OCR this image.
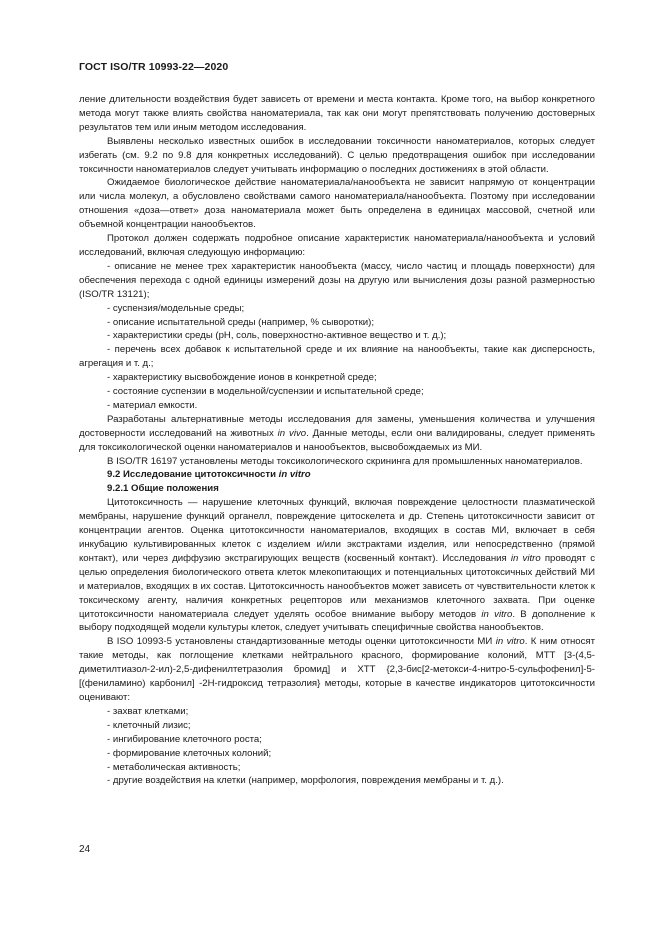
ГОСТ ISO/TR 10993-22—2020

ление длительности воздействия будет зависеть от времени и места контакта. Кроме того, на выбор конкретного метода могут также влиять свойства наноматериала, так как они могут препятствовать получению достоверных результатов тем или иным методом исследования.

Выявлены несколько известных ошибок в исследовании токсичности наноматериалов, которых следует избегать (см. 9.2 по 9.8 для конкретных исследований). С целью предотвращения ошибок при исследовании токсичности наноматериалов следует учитывать информацию о последних достижениях в этой области.

Ожидаемое биологическое действие наноматериала/нанообъекта не зависит напрямую от концентрации или числа молекул, а обусловлено свойствами самого наноматериала/нанообъекта. Поэтому при исследовании отношения «доза—ответ» доза наноматериала может быть определена в единицах массовой, счетной или объемной концентрации нанообъектов.

Протокол должен содержать подробное описание характеристик наноматериала/нанообъекта и условий исследований, включая следующую информацию:

- описание не менее трех характеристик нанообъекта (массу, число частиц и площадь поверхности) для обеспечения перехода с одной единицы измерений дозы на другую или вычисления дозы разной размерностью (ISO/TR 13121);

- суспензия/модельные среды;

- описание испытательной среды (например, % сыворотки);

- характеристики среды (pH, соль, поверхностно-активное вещество и т. д.);

- перечень всех добавок к испытательной среде и их влияние на нанообъекты, такие как дисперсность, агрегация и т. д.;

- характеристику высвобождение ионов в конкретной среде;

- состояние суспензии в модельной/суспензии и испытательной среде;

- материал емкости.

Разработаны альтернативные методы исследования для замены, уменьшения количества и улучшения достоверности исследований на животных in vivo. Данные методы, если они валидированы, следует применять для токсикологической оценки наноматериалов и нанообъектов, высвобождаемых из МИ.

В ISO/TR 16197 установлены методы токсикологического скрининга для промышленных наноматериалов.

9.2 Исследование цитотоксичности in vitro

9.2.1 Общие положения

Цитотоксичность — нарушение клеточных функций, включая повреждение целостности плазматической мембраны, нарушение функций органелл, повреждение цитоскелета и др. Степень цитотоксичности зависит от концентрации агентов. Оценка цитотоксичности наноматериалов, входящих в состав МИ, включает в себя инкубацию культивированных клеток с изделием и/или экстрактами изделия, или непосредственно (прямой контакт), или через диффузию экстрагирующих веществ (косвенный контакт). Исследования in vitro проводят с целью определения биологического ответа клеток млекопитающих и потенциальных цитотоксичных действий МИ и материалов, входящих в их состав. Цитотоксичность нанообъектов может зависеть от чувствительности клеток к токсическому агенту, наличия конкретных рецепторов или механизмов клеточного захвата. При оценке цитотоксичности наноматериала следует уделять особое внимание выбору методов in vitro. В дополнение к выбору подходящей модели культуры клеток, следует учитывать специфичные свойства нанообъектов.

В ISO 10993-5 установлены стандартизованные методы оценки цитотоксичности МИ in vitro. К ним относят такие методы, как поглощение клетками нейтрального красного, формирование колоний, МТТ [3-(4,5-диметилтиазол-2-ил)-2,5-дифенилтетразолия бромид] и ХТТ {2,3-бис[2-метокси-4-нитро-5-сульфофенил]-5-[(фениламино) карбонил] -2Н-гидроксид тетразолия} методы, которые в качестве индикаторов цитотоксичности оценивают:

- захват клетками;

- клеточный лизис;

- ингибирование клеточного роста;

- формирование клеточных колоний;

- метаболическая активность;

- другие воздействия на клетки (например, морфология, повреждения мембраны и т. д.).

24
